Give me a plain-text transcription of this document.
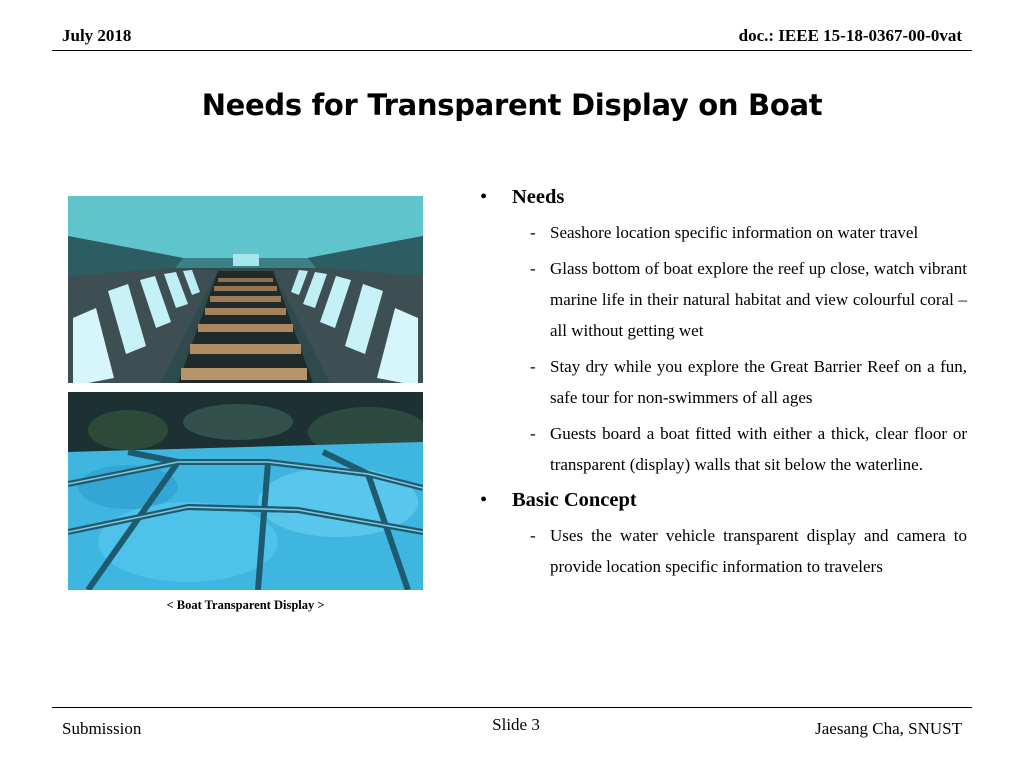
July 2018	doc.: IEEE 15-18-0367-00-0vat
Needs for Transparent Display on Boat
< Boat Transparent Display >
• Needs
- Seashore location specific information on water travel
- Glass bottom of boat explore the reef up close, watch vibrant marine life in their natural habitat and view colourful coral – all without getting wet
- Stay dry while you explore the Great Barrier Reef on a fun, safe tour for non-swimmers of all ages
- Guests board a boat fitted with either a thick, clear floor or transparent (display) walls that sit below the waterline.
• Basic Concept
- Uses the water vehicle transparent display and camera to provide location specific information to travelers
Submission	Slide 3	Jaesang Cha, SNUST
